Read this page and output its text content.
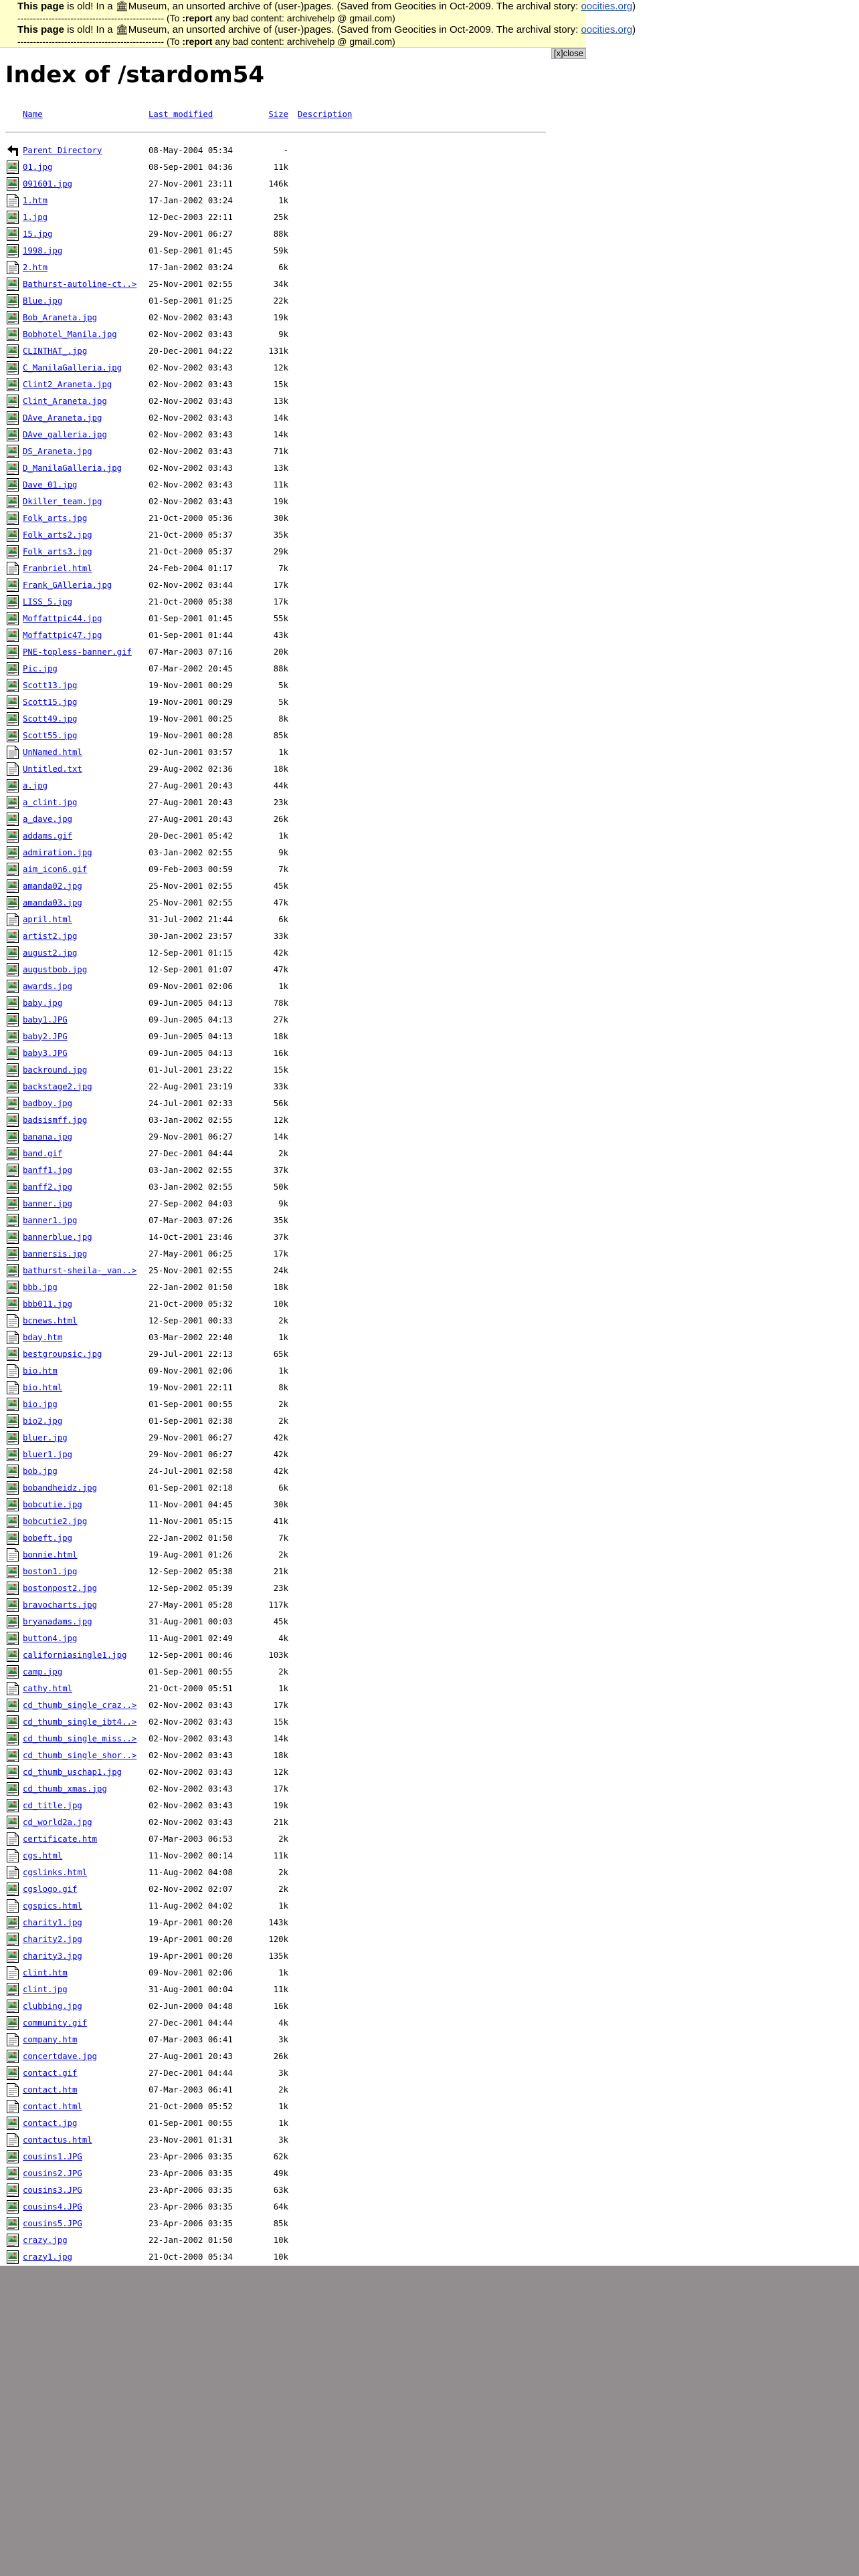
This page is old! In a 🏛Museum, an unsorted archive of (user-)pages. (Saved from Geocities in Oct-2009. The archival story: oocities.org)
----------------------------------------------- (To :report any bad content: archivehelp @ gmail.com)
This page is old! In a 🏛Museum, an unsorted archive of (user-)pages. (Saved from Geocities in Oct-2009. The archival story: oocities.org)
----------------------------------------------- (To :report any bad content: archivehelp @ gmail.com)
[x]close
Index of /stardom54
Name	Last modified	Size	Description
Parent Directory	08-May-2004 05:34	-
01.jpg	08-Sep-2001 04:36	11k
091601.jpg	27-Nov-2001 23:11	146k
1.htm	17-Jan-2002 03:24	1k
1.jpg	12-Dec-2003 22:11	25k
15.jpg	29-Nov-2001 06:27	88k
1998.jpg	01-Sep-2001 01:45	59k
2.htm	17-Jan-2002 03:24	6k
Bathurst-autoline-ct..>	25-Nov-2001 02:55	34k
Blue.jpg	01-Sep-2001 01:25	22k
Bob_Araneta.jpg	02-Nov-2002 03:43	19k
Bobhotel_Manila.jpg	02-Nov-2002 03:43	9k
CLINTHAT_.jpg	20-Dec-2001 04:22	131k
C_ManilaGalleria.jpg	02-Nov-2002 03:43	12k
Clint2_Araneta.jpg	02-Nov-2002 03:43	15k
Clint_Araneta.jpg	02-Nov-2002 03:43	13k
DAve_Araneta.jpg	02-Nov-2002 03:43	14k
DAve_galleria.jpg	02-Nov-2002 03:43	14k
DS_Araneta.jpg	02-Nov-2002 03:43	71k
D_ManilaGalleria.jpg	02-Nov-2002 03:43	13k
Dave_01.jpg	02-Nov-2002 03:43	11k
Dkiller_team.jpg	02-Nov-2002 03:43	19k
Folk_arts.jpg	21-Oct-2000 05:36	30k
Folk_arts2.jpg	21-Oct-2000 05:37	35k
Folk_arts3.jpg	21-Oct-2000 05:37	29k
Franbriel.html	24-Feb-2004 01:17	7k
Frank_GAlleria.jpg	02-Nov-2002 03:44	17k
LISS_5.jpg	21-Oct-2000 05:38	17k
Moffattpic44.jpg	01-Sep-2001 01:45	55k
Moffattpic47.jpg	01-Sep-2001 01:44	43k
PNE-topless-banner.gif	07-Mar-2003 07:16	20k
Pic.jpg	07-Mar-2002 20:45	88k
Scott13.jpg	19-Nov-2001 00:29	5k
Scott15.jpg	19-Nov-2001 00:29	5k
Scott49.jpg	19-Nov-2001 00:25	8k
Scott55.jpg	19-Nov-2001 00:28	85k
UnNamed.html	02-Jun-2001 03:57	1k
Untitled.txt	29-Aug-2002 02:36	18k
a.jpg	27-Aug-2001 20:43	44k
a_clint.jpg	27-Aug-2001 20:43	23k
a_dave.jpg	27-Aug-2001 20:43	26k
addams.gif	20-Dec-2001 05:42	1k
admiration.jpg	03-Jan-2002 02:55	9k
aim_icon6.gif	09-Feb-2003 00:59	7k
amanda02.jpg	25-Nov-2001 02:55	45k
amanda03.jpg	25-Nov-2001 02:55	47k
april.html	31-Jul-2002 21:44	6k
artist2.jpg	30-Jan-2002 23:57	33k
august2.jpg	12-Sep-2001 01:15	42k
augustbob.jpg	12-Sep-2001 01:07	47k
awards.jpg	09-Nov-2001 02:06	1k
baby.jpg	09-Jun-2005 04:13	78k
baby1.JPG	09-Jun-2005 04:13	27k
baby2.JPG	09-Jun-2005 04:13	18k
baby3.JPG	09-Jun-2005 04:13	16k
backround.jpg	01-Jul-2001 23:22	15k
backstage2.jpg	22-Aug-2001 23:19	33k
badboy.jpg	24-Jul-2001 02:33	56k
badsismff.jpg	03-Jan-2002 02:55	12k
banana.jpg	29-Nov-2001 06:27	14k
band.gif	27-Dec-2001 04:44	2k
banff1.jpg	03-Jan-2002 02:55	37k
banff2.jpg	03-Jan-2002 02:55	50k
banner.jpg	27-Sep-2002 04:03	9k
banner1.jpg	07-Mar-2003 07:26	35k
bannerblue.jpg	14-Oct-2001 23:46	37k
bannersis.jpg	27-May-2001 06:25	17k
bathurst-sheila-_van..>	25-Nov-2001 02:55	24k
bbb.jpg	22-Jan-2002 01:50	18k
bbb011.jpg	21-Oct-2000 05:32	10k
bcnews.html	12-Sep-2001 00:33	2k
bday.htm	03-Mar-2002 22:40	1k
bestgroupsic.jpg	29-Jul-2001 22:13	65k
bio.htm	09-Nov-2001 02:06	1k
bio.html	19-Nov-2001 22:11	8k
bio.jpg	01-Sep-2001 00:55	2k
bio2.jpg	01-Sep-2001 02:38	2k
bluer.jpg	29-Nov-2001 06:27	42k
bluer1.jpg	29-Nov-2001 06:27	42k
bob.jpg	24-Jul-2001 02:58	42k
bobandheidz.jpg	01-Sep-2001 02:18	6k
bobcutie.jpg	11-Nov-2001 04:45	30k
bobcutie2.jpg	11-Nov-2001 05:15	41k
bobeft.jpg	22-Jan-2002 01:50	7k
bonnie.html	19-Aug-2001 01:26	2k
boston1.jpg	12-Sep-2002 05:38	21k
bostonpost2.jpg	12-Sep-2002 05:39	23k
bravocharts.jpg	27-May-2001 05:28	117k
bryanadams.jpg	31-Aug-2001 00:03	45k
button4.jpg	11-Aug-2001 02:49	4k
californiasingle1.jpg	12-Sep-2001 00:46	103k
camp.jpg	01-Sep-2001 00:55	2k
cathy.html	21-Oct-2000 05:51	1k
cd_thumb_single_craz..>	02-Nov-2002 03:43	17k
cd_thumb_single_ibt4..>	02-Nov-2002 03:43	15k
cd_thumb_single_miss..>	02-Nov-2002 03:43	14k
cd_thumb_single_shor..>	02-Nov-2002 03:43	18k
cd_thumb_uschap1.jpg	02-Nov-2002 03:43	12k
cd_thumb_xmas.jpg	02-Nov-2002 03:43	17k
cd_title.jpg	02-Nov-2002 03:43	19k
cd_world2a.jpg	02-Nov-2002 03:43	21k
certificate.htm	07-Mar-2003 06:53	2k
cgs.html	11-Nov-2002 00:14	11k
cgslinks.html	11-Aug-2002 04:08	2k
cgslogo.gif	02-Nov-2002 02:07	2k
cgspics.html	11-Aug-2002 04:02	1k
charity1.jpg	19-Apr-2001 00:20	143k
charity2.jpg	19-Apr-2001 00:20	120k
charity3.jpg	19-Apr-2001 00:20	135k
clint.htm	09-Nov-2001 02:06	1k
clint.jpg	31-Aug-2001 00:04	11k
clubbing.jpg	02-Jun-2000 04:48	16k
community.gif	27-Dec-2001 04:44	4k
company.htm	07-Mar-2003 06:41	3k
concertdave.jpg	27-Aug-2001 20:43	26k
contact.gif	27-Dec-2001 04:44	3k
contact.htm	07-Mar-2003 06:41	2k
contact.html	21-Oct-2000 05:52	1k
contact.jpg	01-Sep-2001 00:55	1k
contactus.html	23-Nov-2001 01:31	3k
cousins1.JPG	23-Apr-2006 03:35	62k
cousins2.JPG	23-Apr-2006 03:35	49k
cousins3.JPG	23-Apr-2006 03:35	63k
cousins4.JPG	23-Apr-2006 03:35	64k
cousins5.JPG	23-Apr-2006 03:35	85k
crazy.jpg	22-Jan-2002 01:50	10k
crazy1.jpg	21-Oct-2000 05:34	10k
